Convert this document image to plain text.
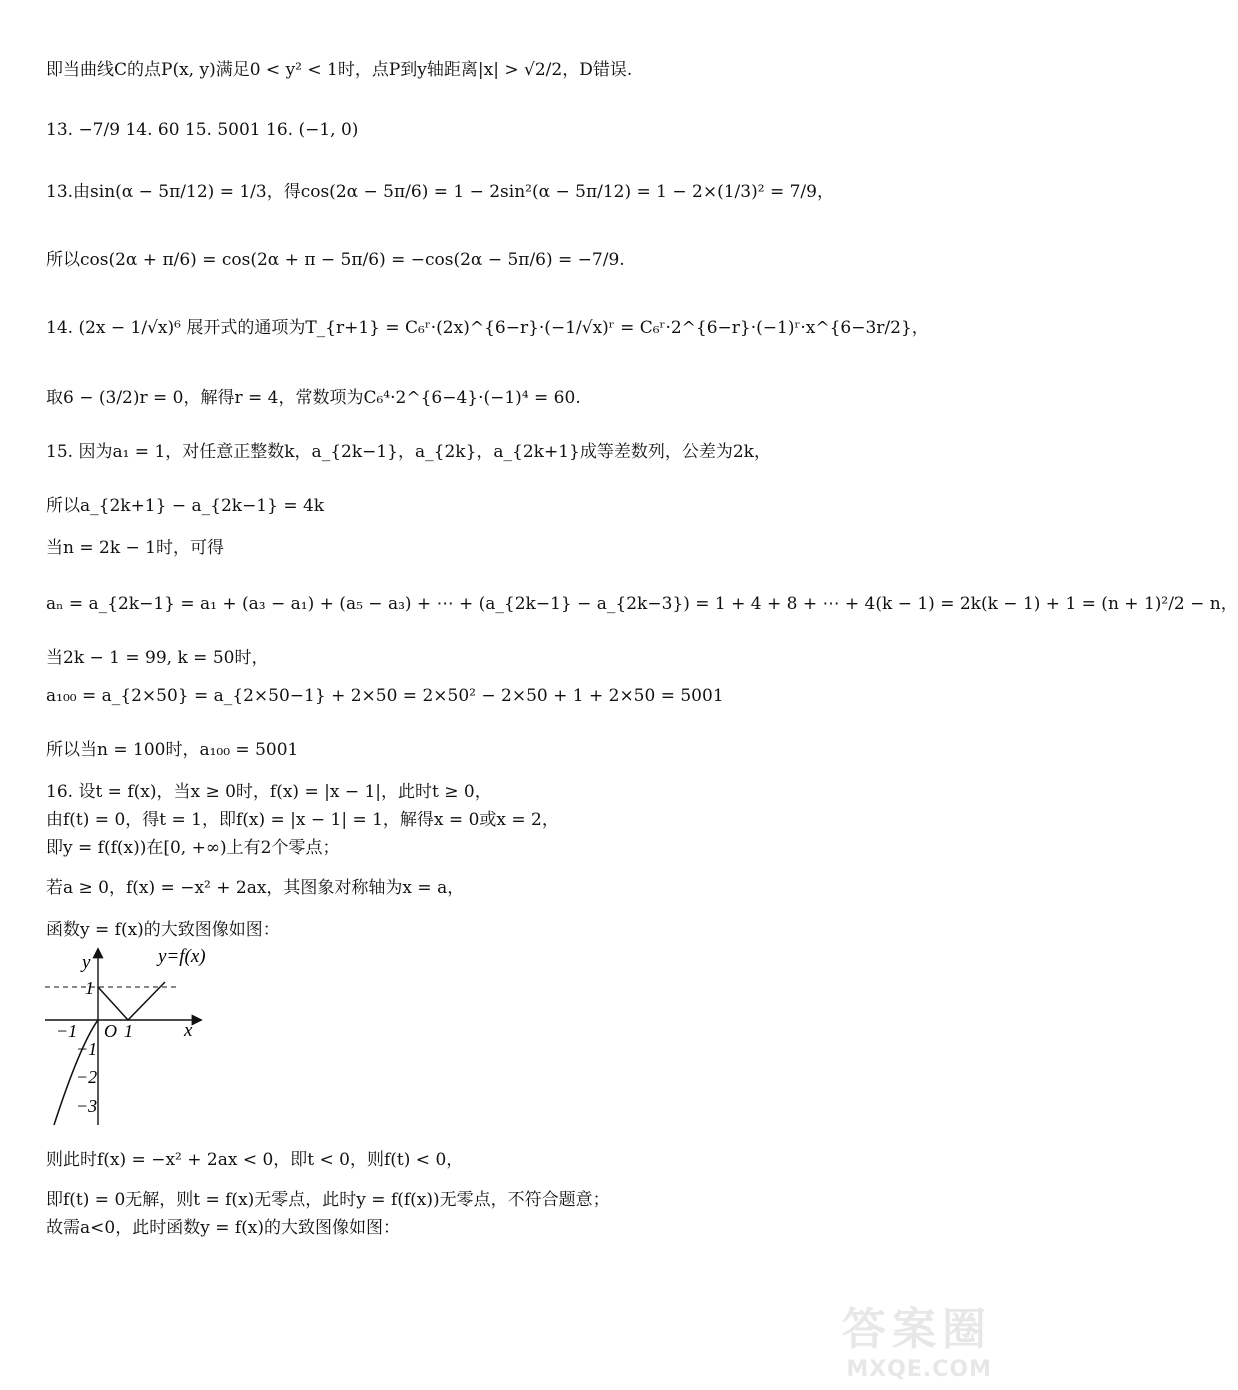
即当曲线C的点P(x, y)满足0 < y² < 1时，点P到y轴距离|x| > √2/2，D错误.
13. −7/9 14. 60 15. 5001 16. (−1, 0)
13.由sin(α − 5π/12) = 1/3，得cos(2α − 5π/6) = 1 − 2sin²(α − 5π/12) = 1 − 2×(1/3)² = 7/9，
所以cos(2α + π/6) = cos(2α + π − 5π/6) = −cos(2α − 5π/6) = −7/9.
14. (2x − 1/√x)⁶ 展开式的通项为T_{r+1} = C₆ʳ·(2x)^{6−r}·(−1/√x)ʳ = C₆ʳ·2^{6−r}·(−1)ʳ·x^{6−3r/2}，
取6 − (3/2)r = 0，解得r = 4，常数项为C₆⁴·2^{6−4}·(−1)⁴ = 60.
15. 因为a₁ = 1，对任意正整数k，a_{2k−1}，a_{2k}，a_{2k+1}成等差数列，公差为2k，
所以a_{2k+1} − a_{2k−1} = 4k
当n = 2k − 1时，可得
aₙ = a_{2k−1} = a₁ + (a₃ − a₁) + (a₅ − a₃) + ⋯ + (a_{2k−1} − a_{2k−3}) = 1 + 4 + 8 + ⋯ + 4(k − 1) = 2k(k − 1) + 1 = (n + 1)²/2 − n，
当2k − 1 = 99, k = 50时，
a₁₀₀ = a_{2×50} = a_{2×50−1} + 2×50 = 2×50² − 2×50 + 1 + 2×50 = 5001
所以当n = 100时，a₁₀₀ = 5001
16. 设t = f(x)，当x ≥ 0时，f(x) = |x − 1|，此时t ≥ 0，
由f(t) = 0，得t = 1，即f(x) = |x − 1| = 1，解得x = 0或x = 2，
即y = f(f(x))在[0, +∞)上有2个零点；
若a ≥ 0，f(x) = −x² + 2ax，其图象对称轴为x = a，
函数y = f(x)的大致图像如图：
则此时f(x) = −x² + 2ax < 0，即t < 0，则f(t) < 0，
即f(t) = 0无解，则t = f(x)无零点，此时y = f(f(x))无零点，不符合题意；
故需a<0，此时函数y = f(x)的大致图像如图：
y=f(x)
y
x
O
−1	1
1
−1
−2
−3
答案圈
MXQE.COM
